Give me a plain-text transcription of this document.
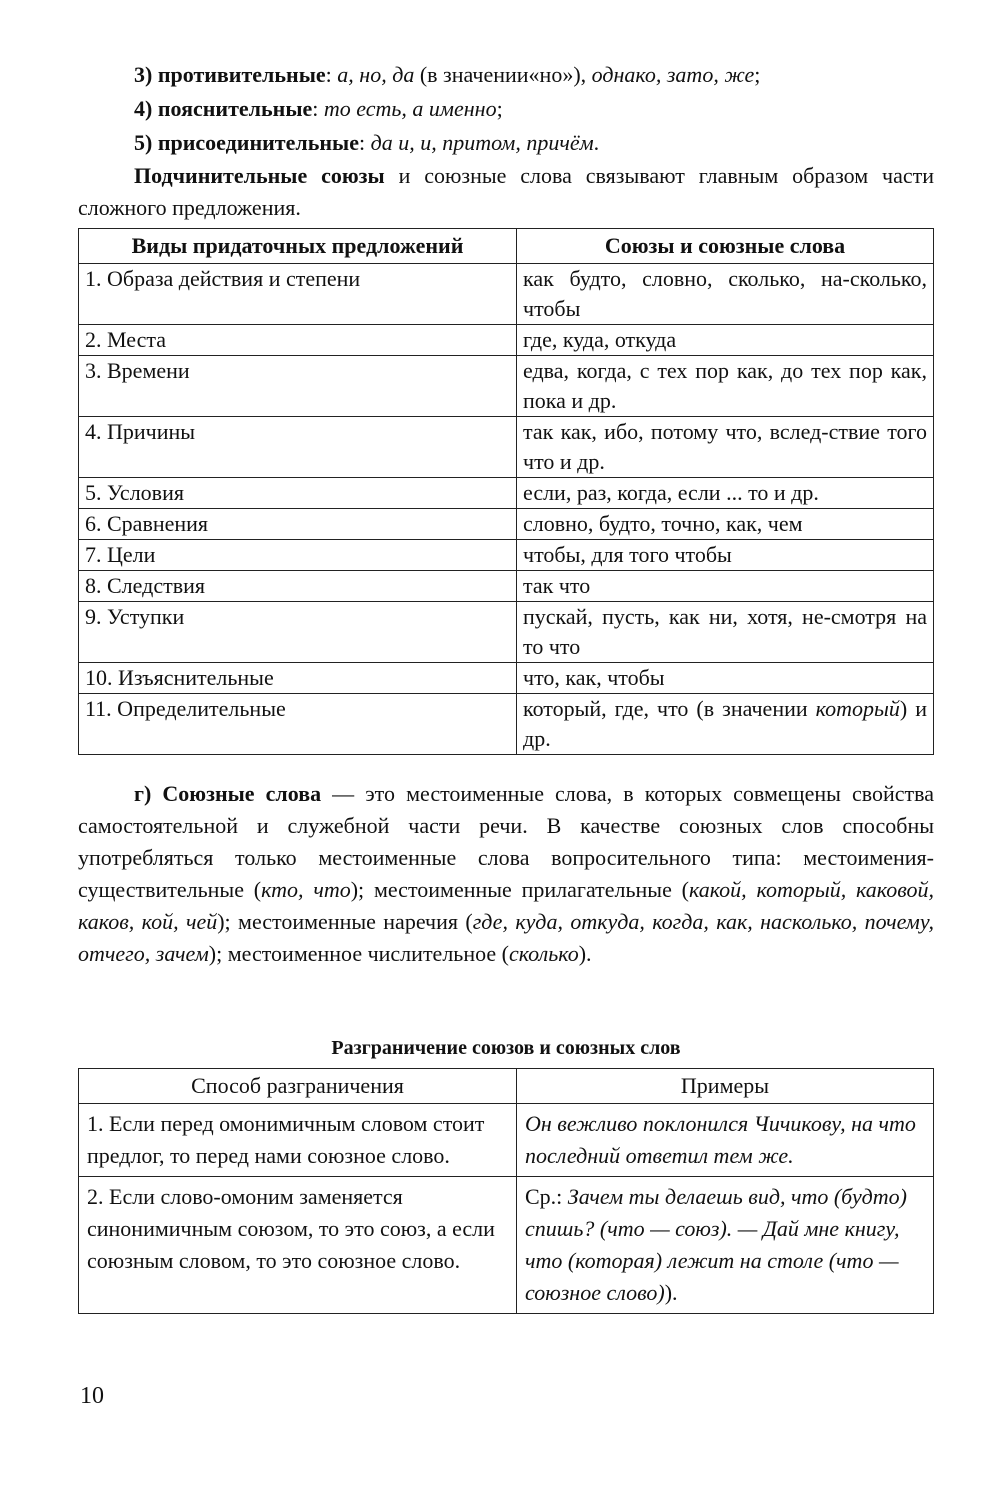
3) противительные: а, но, да (в значении«но»), однако, зато, же;
4) пояснительные: то есть, а именно;
5) присоединительные: да и, и, притом, причём.

Подчинительные союзы и союзные слова связывают главным образом части сложного предложения.

Виды придаточных предложений	Союзы и союзные слова
1. Образа действия и степени	как будто, словно, сколько, на-сколько, чтобы
2. Места	где, куда, откуда
3. Времени	едва, когда, с тех пор как, до тех пор как, пока и др.
4. Причины	так как, ибо, потому что, вслед-ствие того что и др.
5. Условия	если, раз, когда, если ... то и др.
6. Сравнения	словно, будто, точно, как, чем
7. Цели	чтобы, для того чтобы
8. Следствия	так что
9. Уступки	пускай, пусть, как ни, хотя, не-смотря на то что
10. Изъяснительные	что, как, чтобы
11. Определительные	который, где, что (в значении который) и др.

г) Союзные слова — это местоименные слова, в которых совмещены свойства самостоятельной и служебной части речи. В качестве союзных слов способны употребляться только местоименные слова вопросительного типа: местоимения-существительные (кто, что); местоименные прилагательные (какой, который, каковой, каков, кой, чей); местоименные наречия (где, куда, откуда, когда, как, насколько, почему, отчего, зачем); местоименное числительное (сколько).

Разграничение союзов и союзных слов

Способ разграничения	Примеры
1. Если перед омонимичным словом стоит предлог, то перед нами союзное слово.	Он вежливо поклонился Чичикову, на что последний ответил тем же.
2. Если слово-омоним заменяется синонимичным союзом, то это союз, а если союзным словом, то это союзное слово.	Ср.: Зачем ты делаешь вид, что (будто) спишь? (что — союз). — Дай мне книгу, что (которая) лежит на столе (что — союзное слово)).
10
